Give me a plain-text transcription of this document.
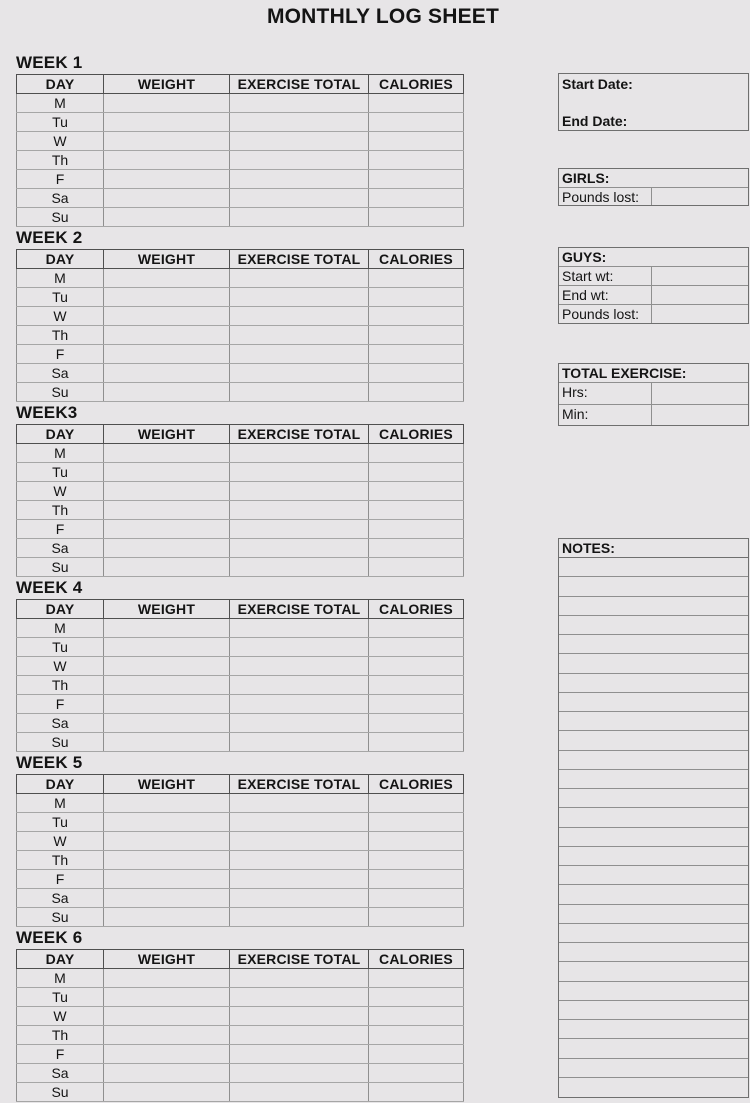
MONTHLY LOG SHEET
WEEK 1
DAY	WEIGHT	EXERCISE TOTAL	CALORIES
M			
Tu			
W			
Th			
F			
Sa			
Su			
WEEK 2
DAY	WEIGHT	EXERCISE TOTAL	CALORIES
M			
Tu			
W			
Th			
F			
Sa			
Su			
WEEK3
DAY	WEIGHT	EXERCISE TOTAL	CALORIES
M			
Tu			
W			
Th			
F			
Sa			
Su			
WEEK 4
DAY	WEIGHT	EXERCISE TOTAL	CALORIES
M			
Tu			
W			
Th			
F			
Sa			
Su			
WEEK 5
DAY	WEIGHT	EXERCISE TOTAL	CALORIES
M			
Tu			
W			
Th			
F			
Sa			
Su			
WEEK 6
DAY	WEIGHT	EXERCISE TOTAL	CALORIES
M			
Tu			
W			
Th			
F			
Sa			
Su			
Start Date:
End Date:
GIRLS:
Pounds lost:
GUYS:
Start wt:
End wt:
Pounds lost:
TOTAL EXERCISE:
Hrs:
Min:
NOTES:
